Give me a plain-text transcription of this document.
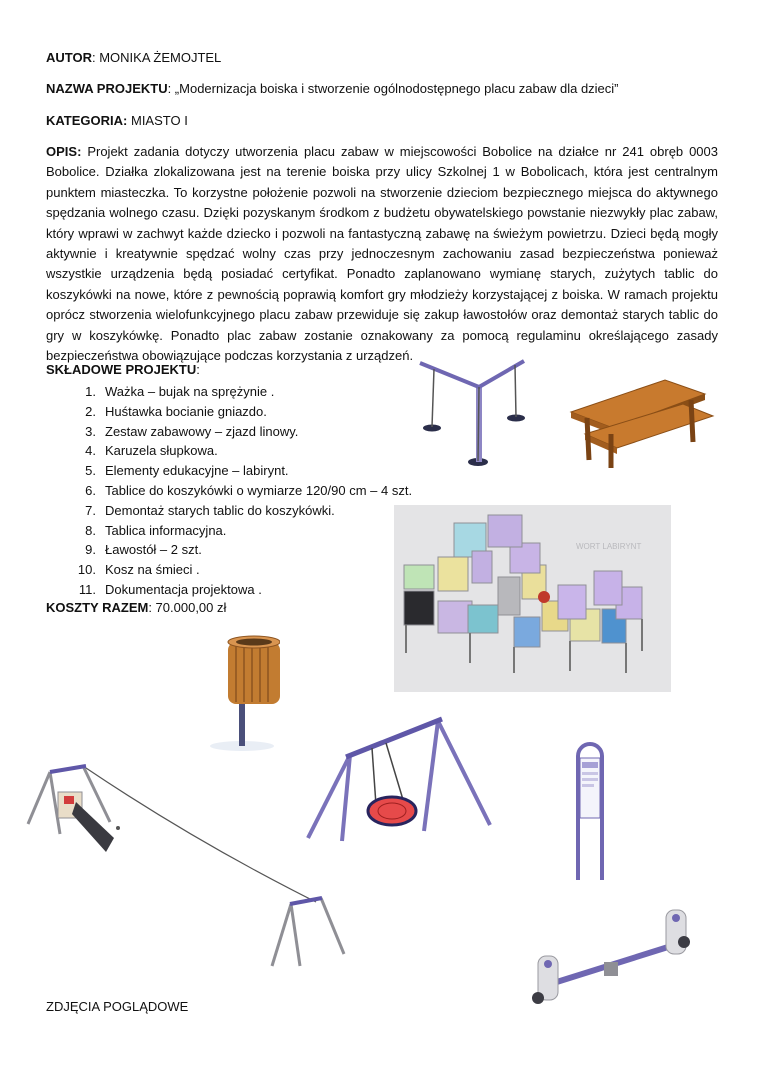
AUTOR: MONIKA ŻEMOJTEL
NAZWA PROJEKTU: „Modernizacja boiska i stworzenie ogólnodostępnego placu zabaw dla dzieci”
KATEGORIA: MIASTO I
OPIS: Projekt zadania dotyczy utworzenia placu zabaw w miejscowości Bobolice na działce nr 241 obręb 0003 Bobolice. Działka zlokalizowana jest na terenie boiska przy ulicy Szkolnej 1 w Bobolicach, która jest centralnym punktem miasteczka. To korzystne położenie pozwoli na stworzenie dzieciom bezpiecznego miejsca do aktywnego spędzania wolnego czasu. Dzięki pozyskanym środkom z budżetu obywatelskiego powstanie niezwykły plac zabaw, który wprawi w zachwyt każde dziecko i pozwoli na fantastyczną zabawę na świeżym powietrzu. Dzieci będą mogły aktywnie i kreatywnie spędzać wolny czas przy jednoczesnym zachowaniu zasad bezpieczeństwa ponieważ wszystkie urządzenia będą posiadać certyfikat. Ponadto zaplanowano wymianę starych, zużytych tablic do koszykówki na nowe, które z pewnością poprawią komfort gry młodzieży korzystającej z boiska. W ramach projektu oprócz stworzenia wielofunkcyjnego placu zabaw przewiduje się zakup ławostołów oraz demontaż starych tablic do gry w koszykówkę. Ponadto plac zabaw zostanie oznakowany za pomocą regulaminu określającego zasady bezpieczeństwa obowiązujące podczas korzystania z urządzeń.
SKŁADOWE PROJEKTU:
1. Ważka – bujak na sprężynie .
2. Huśtawka bocianie gniazdo.
3. Zestaw zabawowy – zjazd linowy.
4. Karuzela słupkowa.
5. Elementy edukacyjne – labirynt.
6. Tablice do koszykówki o wymiarze 120/90 cm – 4 szt.
7. Demontaż starych tablic do koszykówki.
8. Tablica informacyjna.
9. Ławostół – 2 szt.
10. Kosz na śmieci .
11. Dokumentacja projektowa .
KOSZTY RAZEM: 70.000,00 zł
ZDJĘCIA POGLĄDOWE
WORT LABIRYNT
